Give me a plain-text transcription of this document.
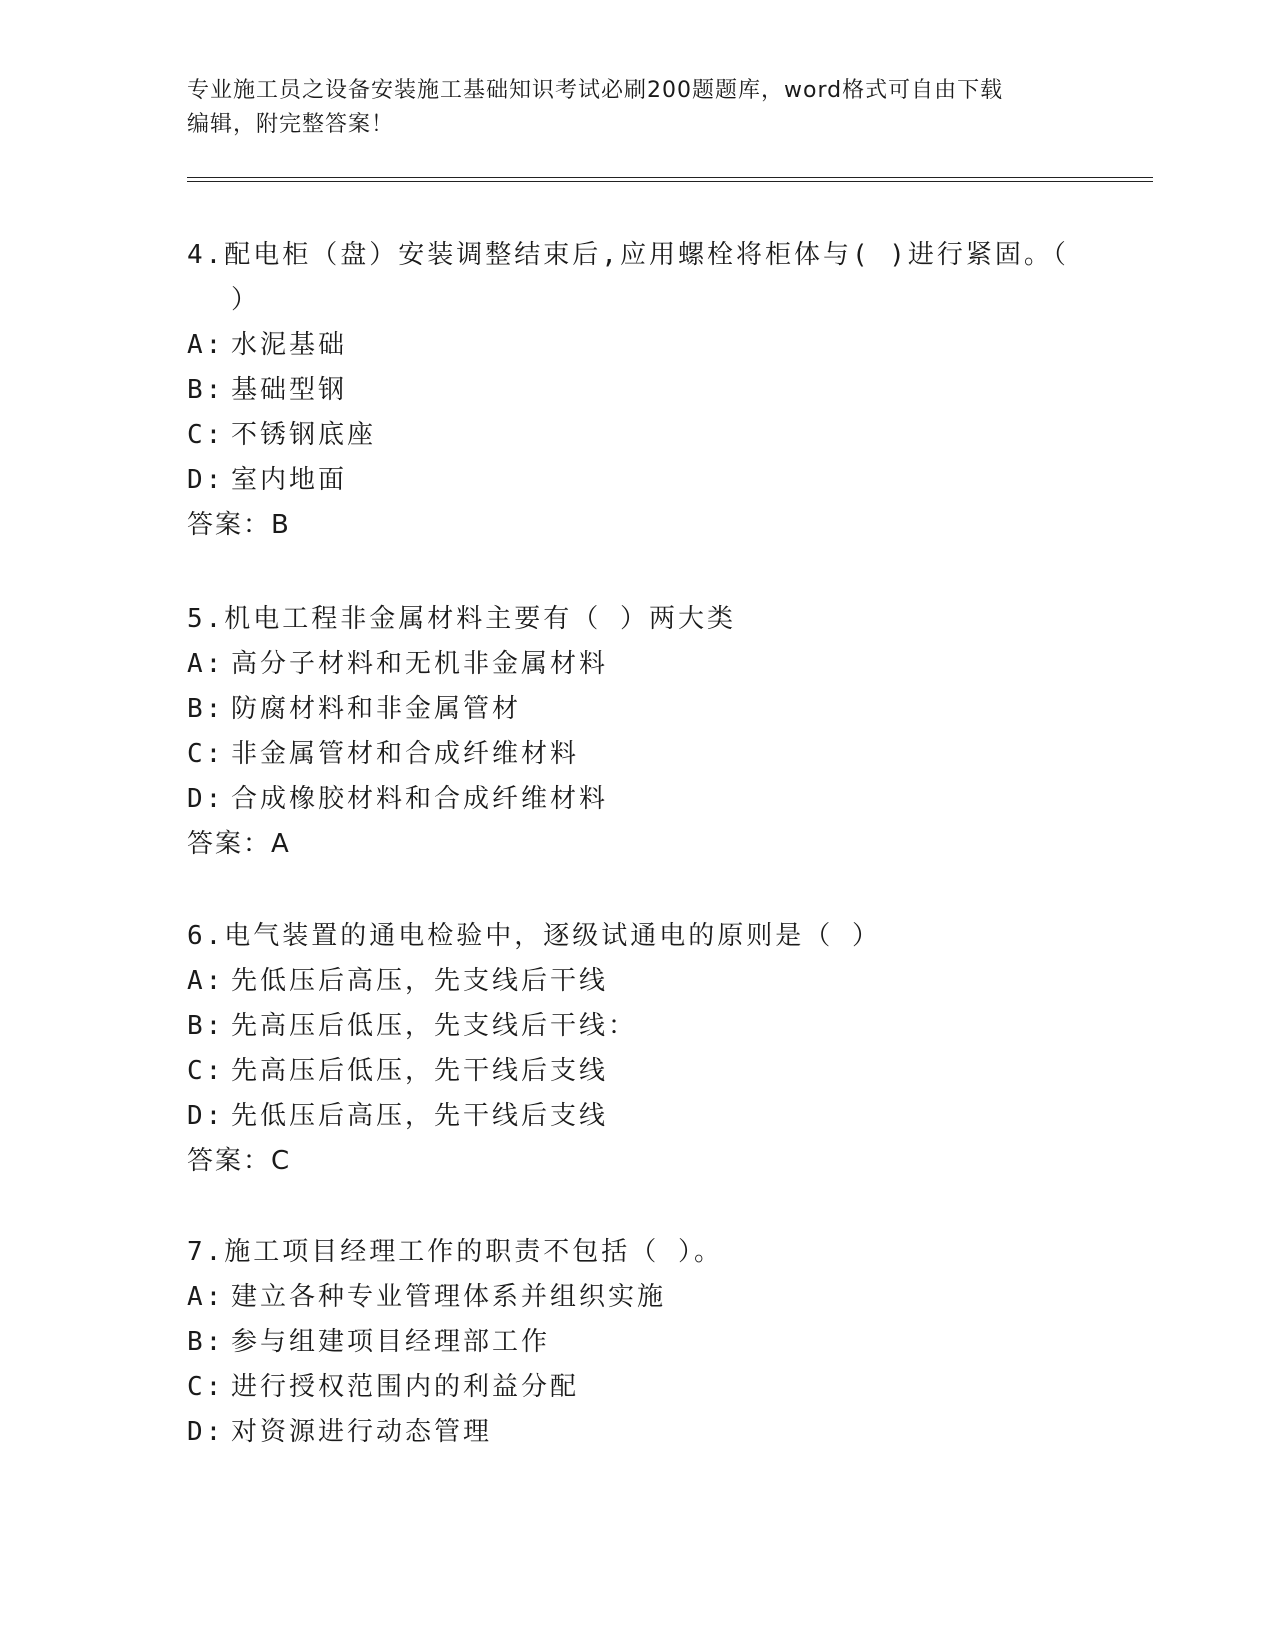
专业施工员之设备安装施工基础知识考试必刷200题题库，word格式可自由下载
编辑，附完整答案！
4.配电柜（盘）安装调整结束后,应用螺栓将柜体与( )进行紧固。（
）
A: 水泥基础
B: 基础型钢
C: 不锈钢底座
D: 室内地面
答案：B
5.机电工程非金属材料主要有（ ）两大类
A: 高分子材料和无机非金属材料
B: 防腐材料和非金属管材
C: 非金属管材和合成纤维材料
D: 合成橡胶材料和合成纤维材料
答案：A
6.电气装置的通电检验中，逐级试通电的原则是（ ）
A: 先低压后高压，先支线后干线
B: 先高压后低压，先支线后干线：
C: 先高压后低压，先干线后支线
D: 先低压后高压，先干线后支线
答案：C
7.施工项目经理工作的职责不包括（ ）。
A: 建立各种专业管理体系并组织实施
B: 参与组建项目经理部工作
C: 进行授权范围内的利益分配
D: 对资源进行动态管理
